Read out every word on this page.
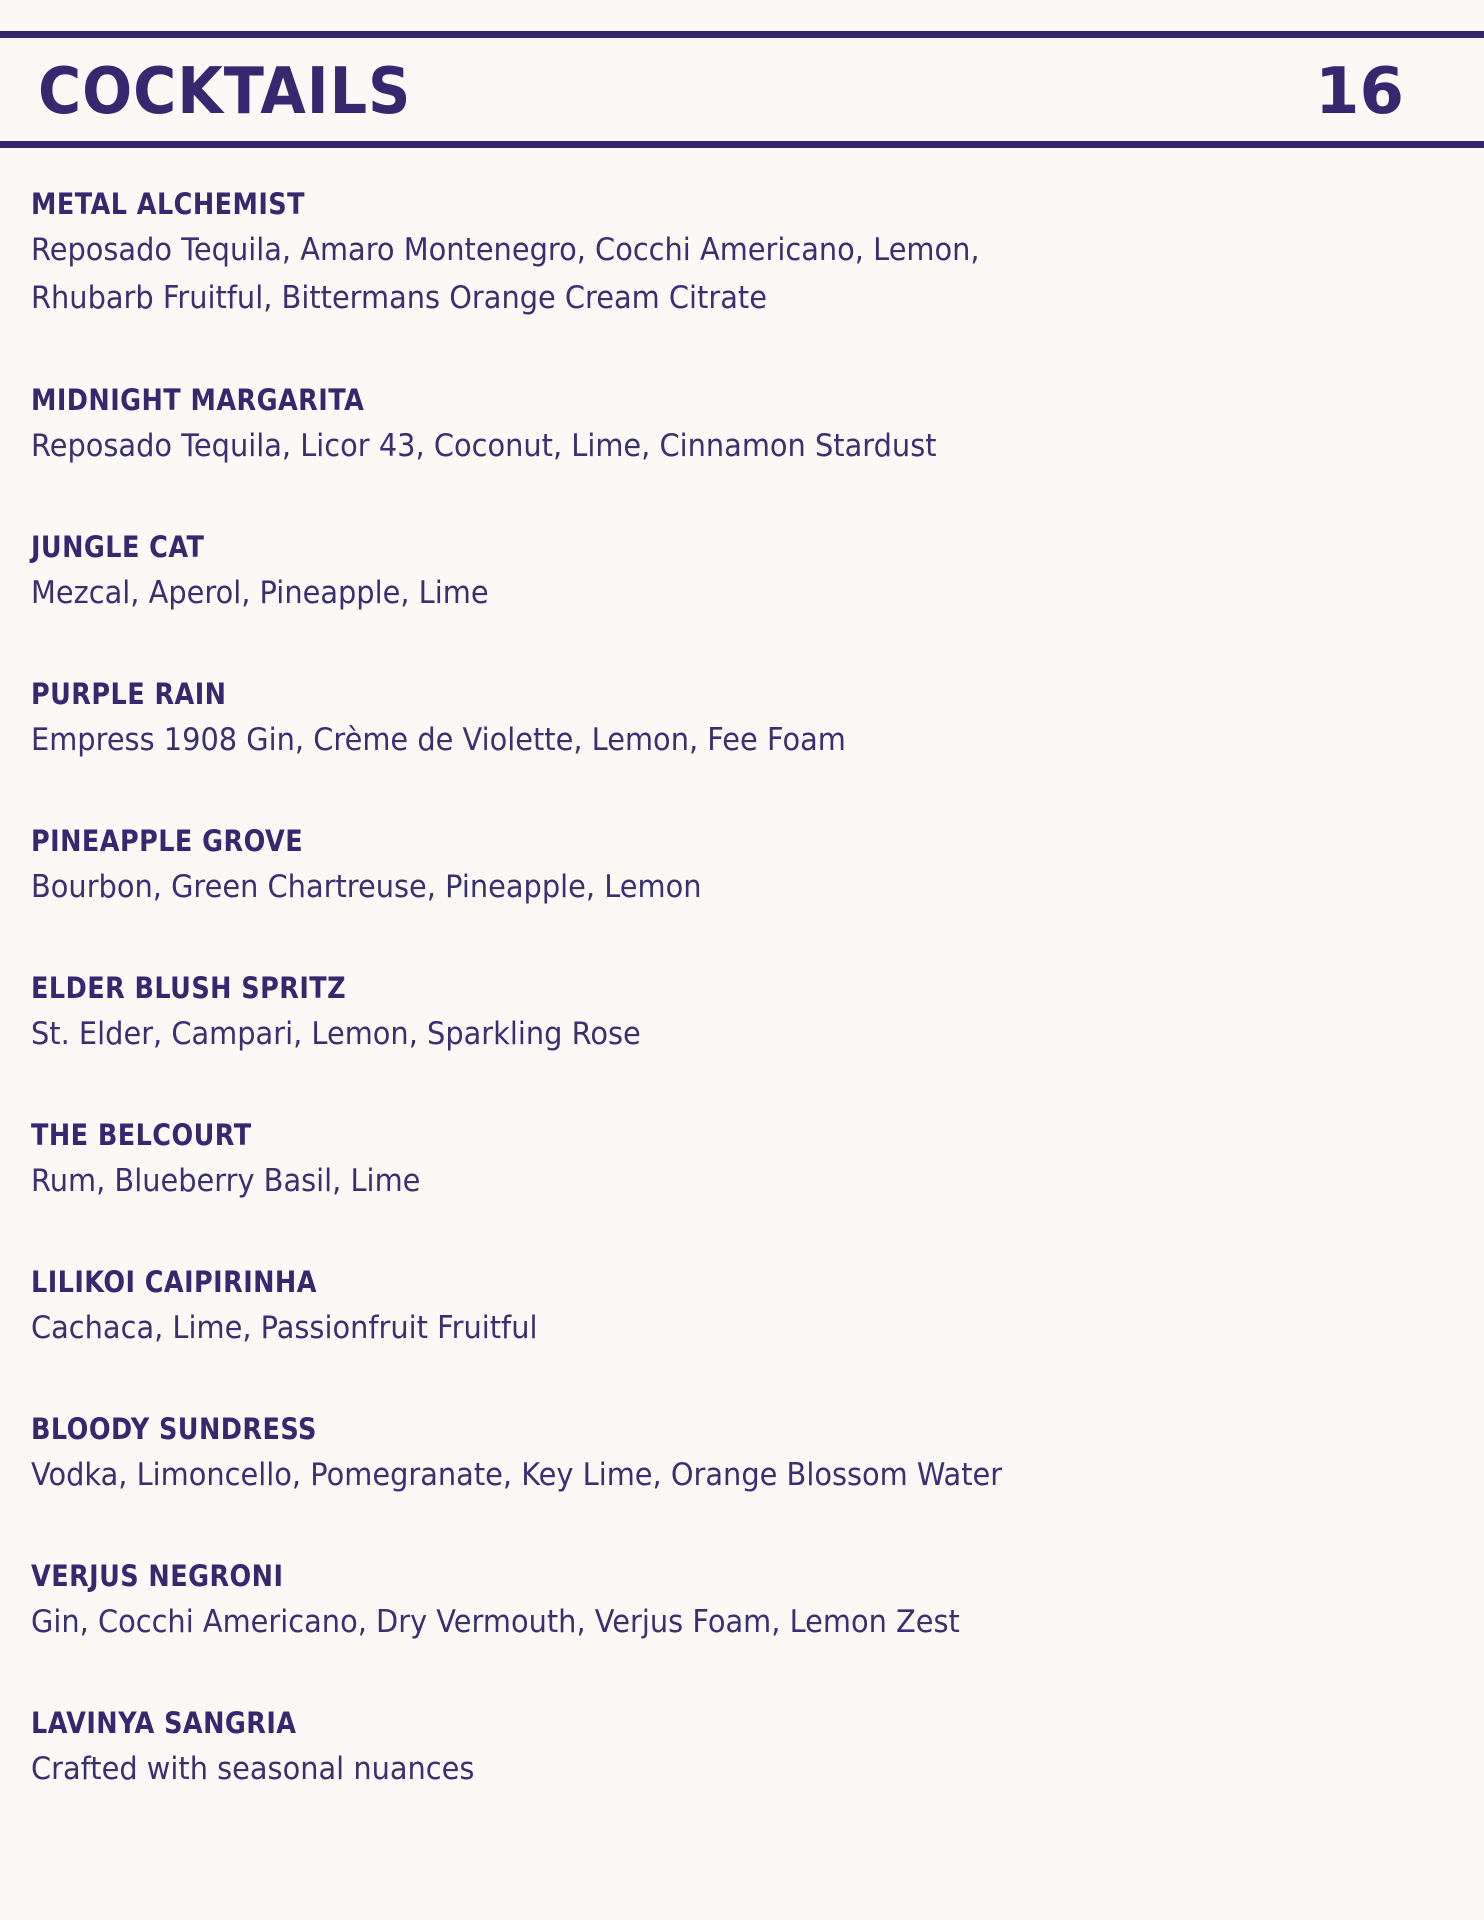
COCKTAILS	16
METAL ALCHEMIST
Reposado Tequila, Amaro Montenegro, Cocchi Americano, Lemon,
Rhubarb Fruitful, Bittermans Orange Cream Citrate
MIDNIGHT MARGARITA
Reposado Tequila, Licor 43, Coconut, Lime, Cinnamon Stardust
JUNGLE CAT
Mezcal, Aperol, Pineapple, Lime
PURPLE RAIN
Empress 1908 Gin, Crème de Violette, Lemon, Fee Foam
PINEAPPLE GROVE
Bourbon, Green Chartreuse, Pineapple, Lemon
ELDER BLUSH SPRITZ
St. Elder, Campari, Lemon, Sparkling Rose
THE BELCOURT
Rum, Blueberry Basil, Lime
LILIKOI CAIPIRINHA
Cachaca, Lime, Passionfruit Fruitful
BLOODY SUNDRESS
Vodka, Limoncello, Pomegranate, Key Lime, Orange Blossom Water
VERJUS NEGRONI
Gin, Cocchi Americano, Dry Vermouth, Verjus Foam, Lemon Zest
LAVINYA SANGRIA
Crafted with seasonal nuances
